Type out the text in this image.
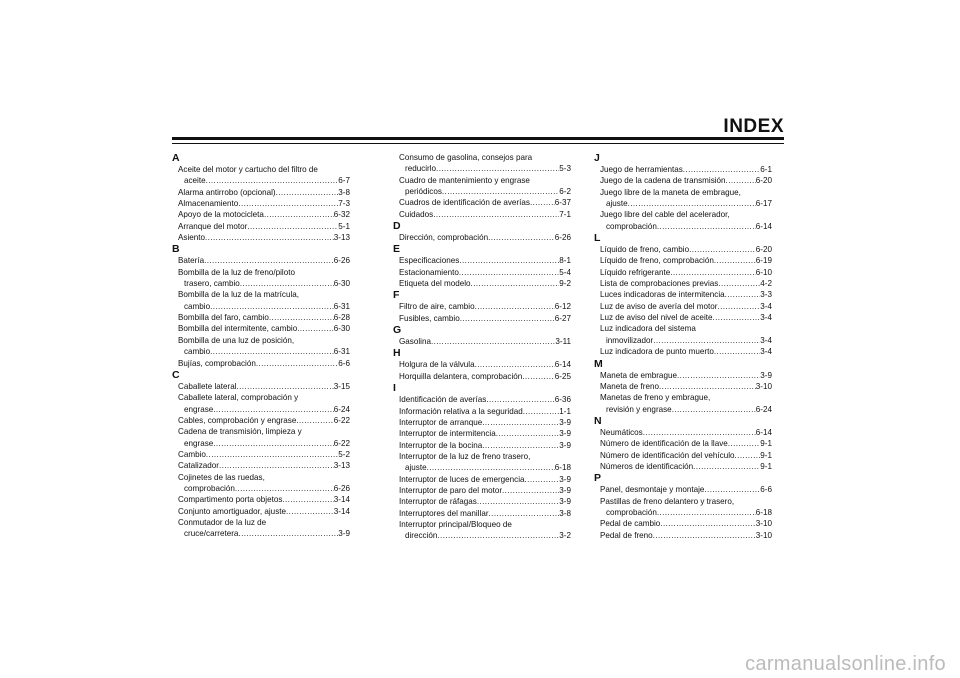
INDEX
A
Aceite del motor y cartucho del filtro de
aceite .....	6-7
Alarma antirrobo (opcional) .....	3-8
Almacenamiento .....	7-3
Apoyo de la motocicleta .....	6-32
Arranque del motor .....	5-1
Asiento .....	3-13
B
Batería .....	6-26
Bombilla de la luz de freno/piloto
trasero, cambio .....	6-30
Bombilla de la luz de la matrícula,
cambio .....	6-31
Bombilla del faro, cambio .....	6-28
Bombilla del intermitente, cambio .....	6-30
Bombilla de una luz de posición,
cambio .....	6-31
Bujías, comprobación .....	6-6
C
Caballete lateral .....	3-15
Caballete lateral, comprobación y
engrase .....	6-24
Cables, comprobación y engrase .....	6-22
Cadena de transmisión, limpieza y
engrase .....	6-22
Cambio .....	5-2
Catalizador .....	3-13
Cojinetes de las ruedas,
comprobación .....	6-26
Compartimento porta objetos .....	3-14
Conjunto amortiguador, ajuste .....	3-14
Conmutador de la luz de
cruce/carretera .....	3-9
Consumo de gasolina, consejos para
reducirlo .....	5-3
Cuadro de mantenimiento y engrase
periódicos .....	6-2
Cuadros de identificación de averías .....	6-37
Cuidados .....	7-1
D
Dirección, comprobación .....	6-26
E
Especificaciones .....	8-1
Estacionamiento .....	5-4
Etiqueta del modelo .....	9-2
F
Filtro de aire, cambio .....	6-12
Fusibles, cambio .....	6-27
G
Gasolina .....	3-11
H
Holgura de la válvula .....	6-14
Horquilla delantera, comprobación .....	6-25
I
Identificación de averías .....	6-36
Información relativa a la seguridad .....	1-1
Interruptor de arranque .....	3-9
Interruptor de intermitencia .....	3-9
Interruptor de la bocina .....	3-9
Interruptor de la luz de freno trasero,
ajuste .....	6-18
Interruptor de luces de emergencia .....	3-9
Interruptor de paro del motor .....	3-9
Interruptor de ráfagas .....	3-9
Interruptores del manillar .....	3-8
Interruptor principal/Bloqueo de
dirección .....	3-2
J
Juego de herramientas .....	6-1
Juego de la cadena de transmisión .....	6-20
Juego libre de la maneta de embrague,
ajuste .....	6-17
Juego libre del cable del acelerador,
comprobación .....	6-14
L
Líquido de freno, cambio .....	6-20
Líquido de freno, comprobación .....	6-19
Líquido refrigerante .....	6-10
Lista de comprobaciones previas .....	4-2
Luces indicadoras de intermitencia .....	3-3
Luz de aviso de avería del motor .....	3-4
Luz de aviso del nivel de aceite .....	3-4
Luz indicadora del sistema
inmovilizador .....	3-4
Luz indicadora de punto muerto .....	3-4
M
Maneta de embrague .....	3-9
Maneta de freno .....	3-10
Manetas de freno y embrague,
revisión y engrase .....	6-24
N
Neumáticos .....	6-14
Número de identificación de la llave .....	9-1
Número de identificación del vehículo .....	9-1
Números de identificación .....	9-1
P
Panel, desmontaje y montaje .....	6-6
Pastillas de freno delantero y trasero,
comprobación .....	6-18
Pedal de cambio .....	3-10
Pedal de freno .....	3-10
carmanualsonline.info
